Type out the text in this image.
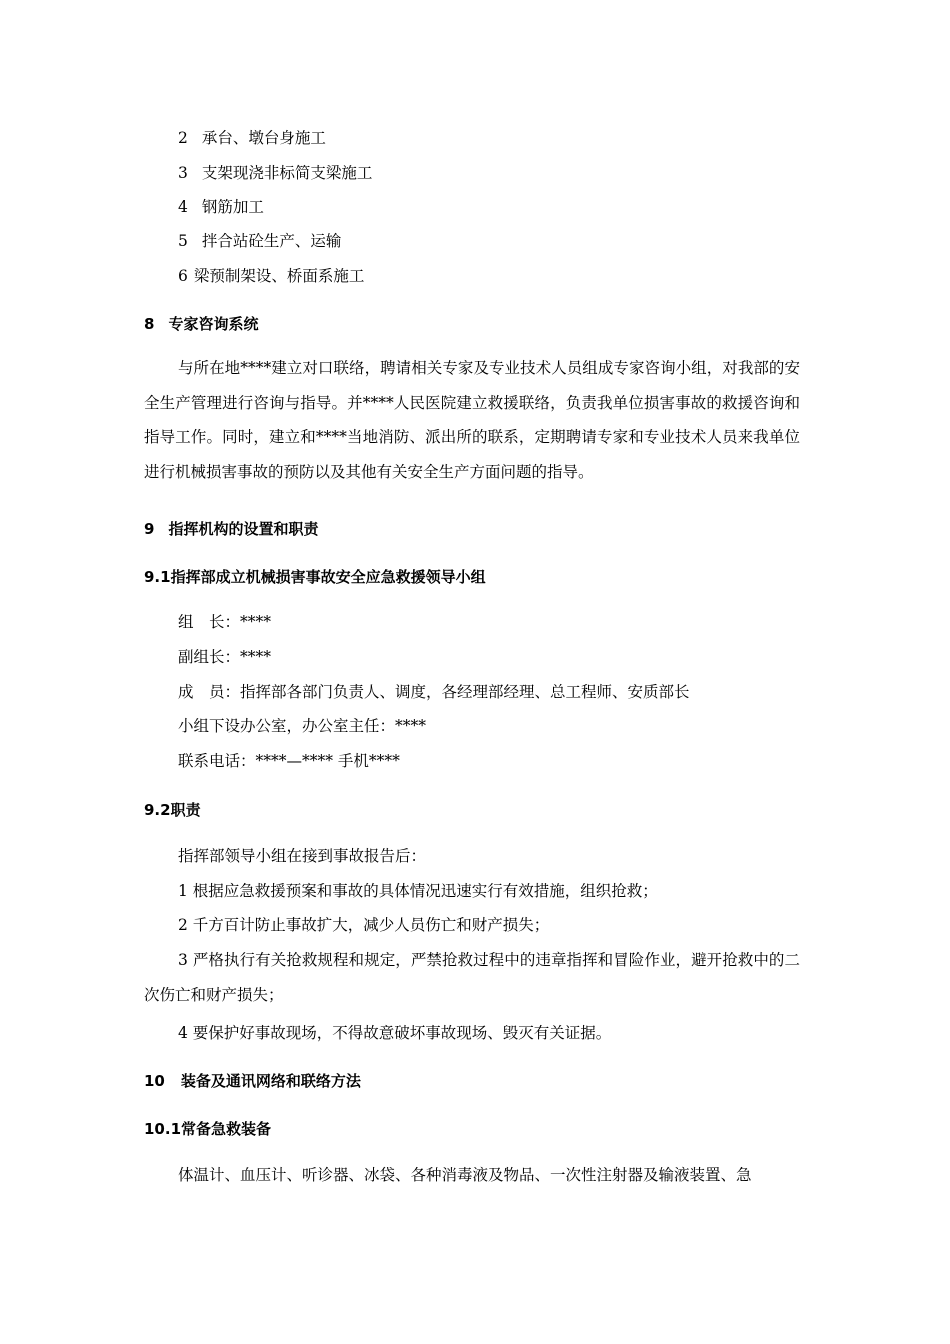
2 承台、墩台身施工
3 支架现浇非标简支梁施工
4 钢筋加工
5 拌合站砼生产、运输
6 梁预制架设、桥面系施工
8 专家咨询系统

与所在地****建立对口联络，聘请相关专家及专业技术人员组成专家咨询小组，对我部的安全生产管理进行咨询与指导。并****人民医院建立救援联络，负责我单位损害事故的救援咨询和指导工作。同时，建立和****当地消防、派出所的联系，定期聘请专家和专业技术人员来我单位进行机械损害事故的预防以及其他有关安全生产方面问题的指导。

9 指挥机构的设置和职责
9.1指挥部成立机械损害事故安全应急救援领导小组
组　长：****
副组长：****
成　员：指挥部各部门负责人、调度，各经理部经理、总工程师、安质部长
小组下设办公室，办公室主任：****
联系电话：****—**** 手机****
9.2职责
指挥部领导小组在接到事故报告后：
1 根据应急救援预案和事故的具体情况迅速实行有效措施，组织抢救；
2 千方百计防止事故扩大，减少人员伤亡和财产损失；

3 严格执行有关抢救规程和规定，严禁抢救过程中的违章指挥和冒险作业，避开抢救中的二次伤亡和财产损失；

4 要保护好事故现场，不得故意破坏事故现场、毁灭有关证据。
10 装备及通讯网络和联络方法
10.1常备急救装备

体温计、血压计、听诊器、冰袋、各种消毒液及物品、一次性注射器及输液装置、急
